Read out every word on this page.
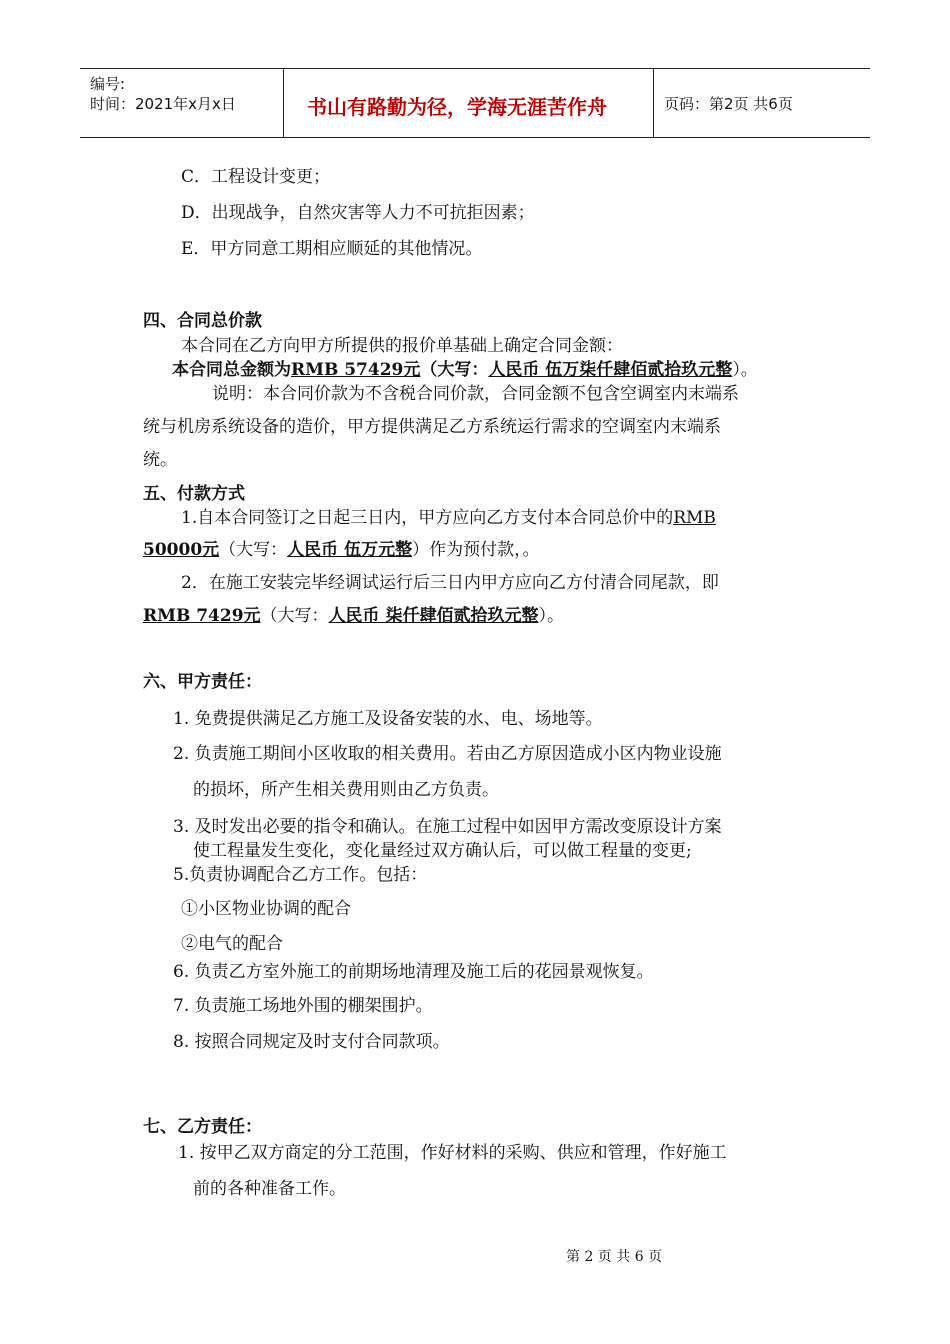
编号:
时间：2021年x月x日	书山有路勤为径，学海无涯苦作舟	页码：第2页 共6页
C．工程设计变更；
D．出现战争，自然灾害等人力不可抗拒因素；
E．甲方同意工期相应顺延的其他情况。
四、合同总价款
本合同在乙方向甲方所提供的报价单基础上确定合同金额：
本合同总金额为RMB 57429元（大写：人民币 伍万柒仟肆佰贰拾玖元整）。
说明：本合同价款为不含税合同价款，合同金额不包含空调室内末端系
统与机房系统设备的造价，甲方提供满足乙方系统运行需求的空调室内末端系
统。
五、付款方式
1.自本合同签订之日起三日内，甲方应向乙方支付本合同总价中的RMB
50000元（大写：人民币 伍万元整）作为预付款，。
2．在施工安装完毕经调试运行后三日内甲方应向乙方付清合同尾款，即
RMB 7429元（大写：人民币 柒仟肆佰贰拾玖元整）。
六、甲方责任：
1. 免费提供满足乙方施工及设备安装的水、电、场地等。
2. 负责施工期间小区收取的相关费用。若由乙方原因造成小区内物业设施
的损坏，所产生相关费用则由乙方负责。
3. 及时发出必要的指令和确认。在施工过程中如因甲方需改变原设计方案
使工程量发生变化，变化量经过双方确认后，可以做工程量的变更;
5.负责协调配合乙方工作。包括：
①小区物业协调的配合
②电气的配合
6. 负责乙方室外施工的前期场地清理及施工后的花园景观恢复。
7. 负责施工场地外围的棚架围护。
8. 按照合同规定及时支付合同款项。
七、乙方责任：
1. 按甲乙双方商定的分工范围，作好材料的采购、供应和管理，作好施工
前的各种准备工作。
第 2 页 共 6 页
